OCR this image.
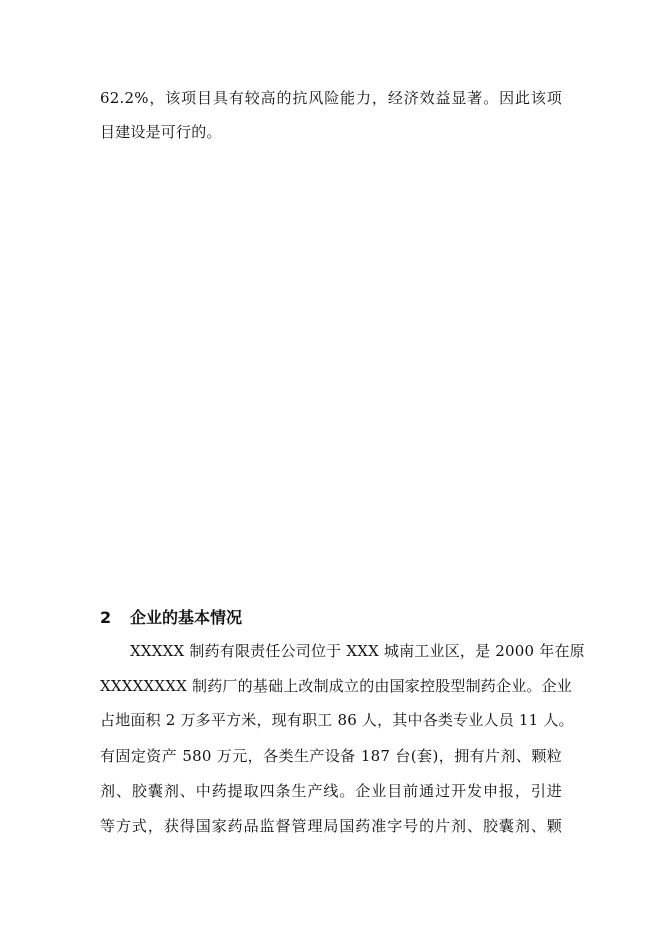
62.2%，该项目具有较高的抗风险能力，经济效益显著。因此该项
目建设是可行的。
2 企业的基本情况
XXXXX 制药有限责任公司位于 XXX 城南工业区，是 2000 年在原
XXXXXXXX 制药厂的基础上改制成立的由国家控股型制药企业。企业
占地面积 2 万多平方米，现有职工 86 人，其中各类专业人员 11 人。
有固定资产 580 万元，各类生产设备 187 台(套)，拥有片剂、颗粒
剂、胶囊剂、中药提取四条生产线。企业目前通过开发申报，引进
等方式，获得国家药品监督管理局国药准字号的片剂、胶囊剂、颗
